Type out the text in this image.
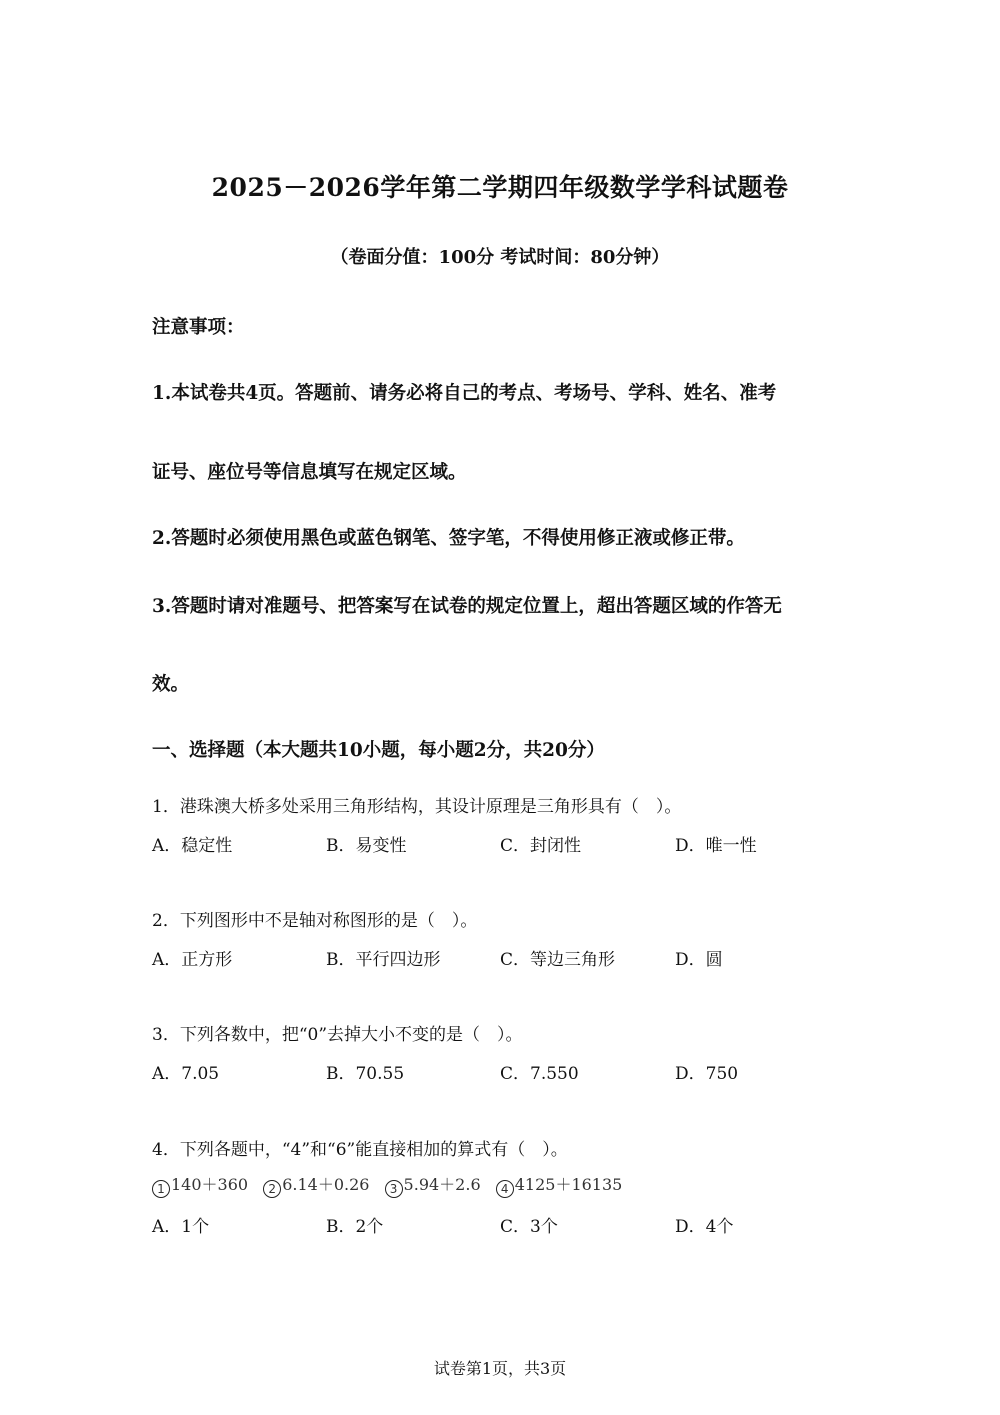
2025－2026学年第二学期四年级数学学科试题卷
（卷面分值：100分 考试时间：80分钟）
注意事项：
1.本试卷共4页。答题前、请务必将自己的考点、考场号、学科、姓名、准考
证号、座位号等信息填写在规定区域。
2.答题时必须使用黑色或蓝色钢笔、签字笔，不得使用修正液或修正带。
3.答题时请对准题号、把答案写在试卷的规定位置上，超出答题区域的作答无
效。
一、选择题（本大题共10小题，每小题2分，共20分）
1．港珠澳大桥多处采用三角形结构，其设计原理是三角形具有（　）。
A．稳定性	B．易变性	C．封闭性	D．唯一性
2．下列图形中不是轴对称图形的是（　）。
A．正方形	B．平行四边形	C．等边三角形	D．圆
3．下列各数中，把“0”去掉大小不变的是（　）。
A．7.05	B．70.55	C．7.550	D．750
4．下列各题中，“4”和“6”能直接相加的算式有（　）。
1 140＋360 2 6.14＋0.26 3 5.94＋2.6 4 4125＋16135
A．1个	B．2个	C．3个	D．4个
试卷第1页，共3页
